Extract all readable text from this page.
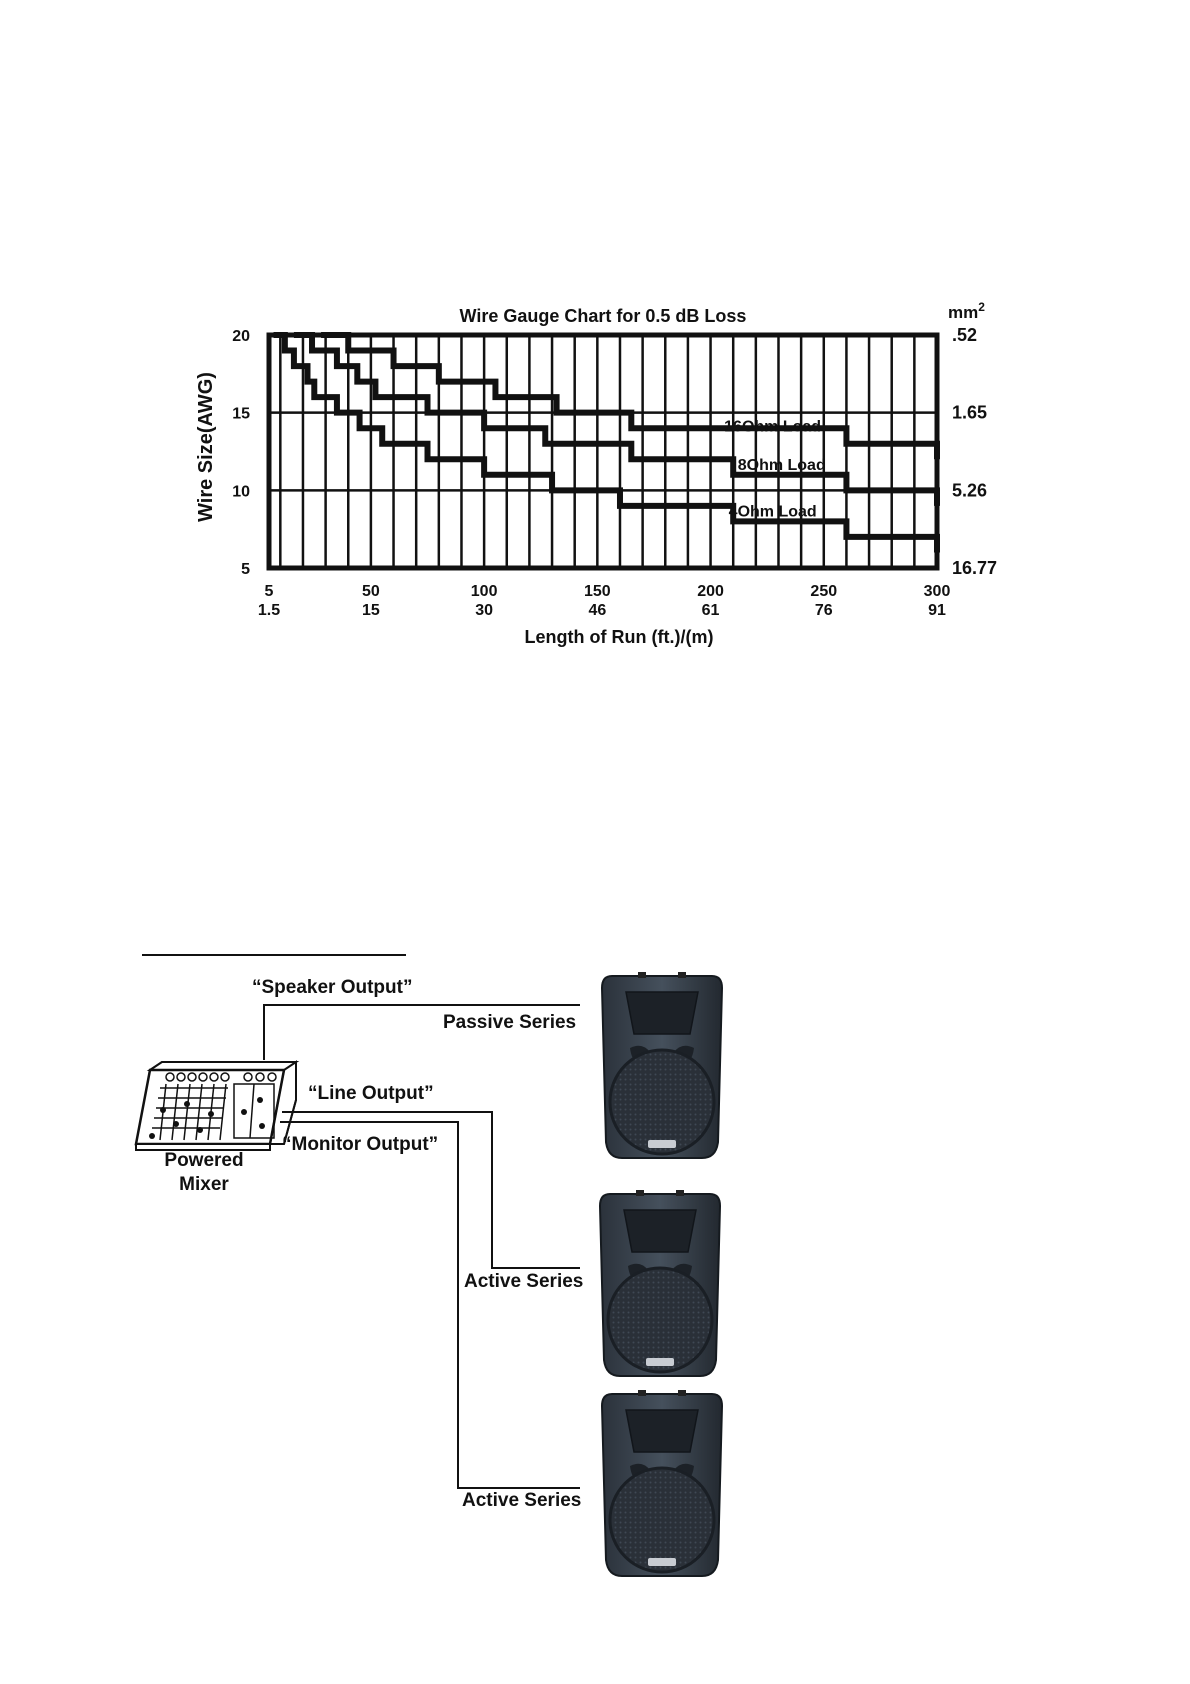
Wire Gauge Chart for 0.5 dB Loss
Wire Size(AWG)
Length of Run (ft.)/(m)
$mm^2$
20
15
10
5
.52
1.65
5.26
16.77
5	50	100	150	200	250	300
1.5	15	30	46	61	76	91
16Ohm Load
8Ohm Load
4Ohm Load
“Speaker Output”
Passive Series
“Line Output”
“Monitor Output”
Powered
Mixer
Active Series
Active Series
